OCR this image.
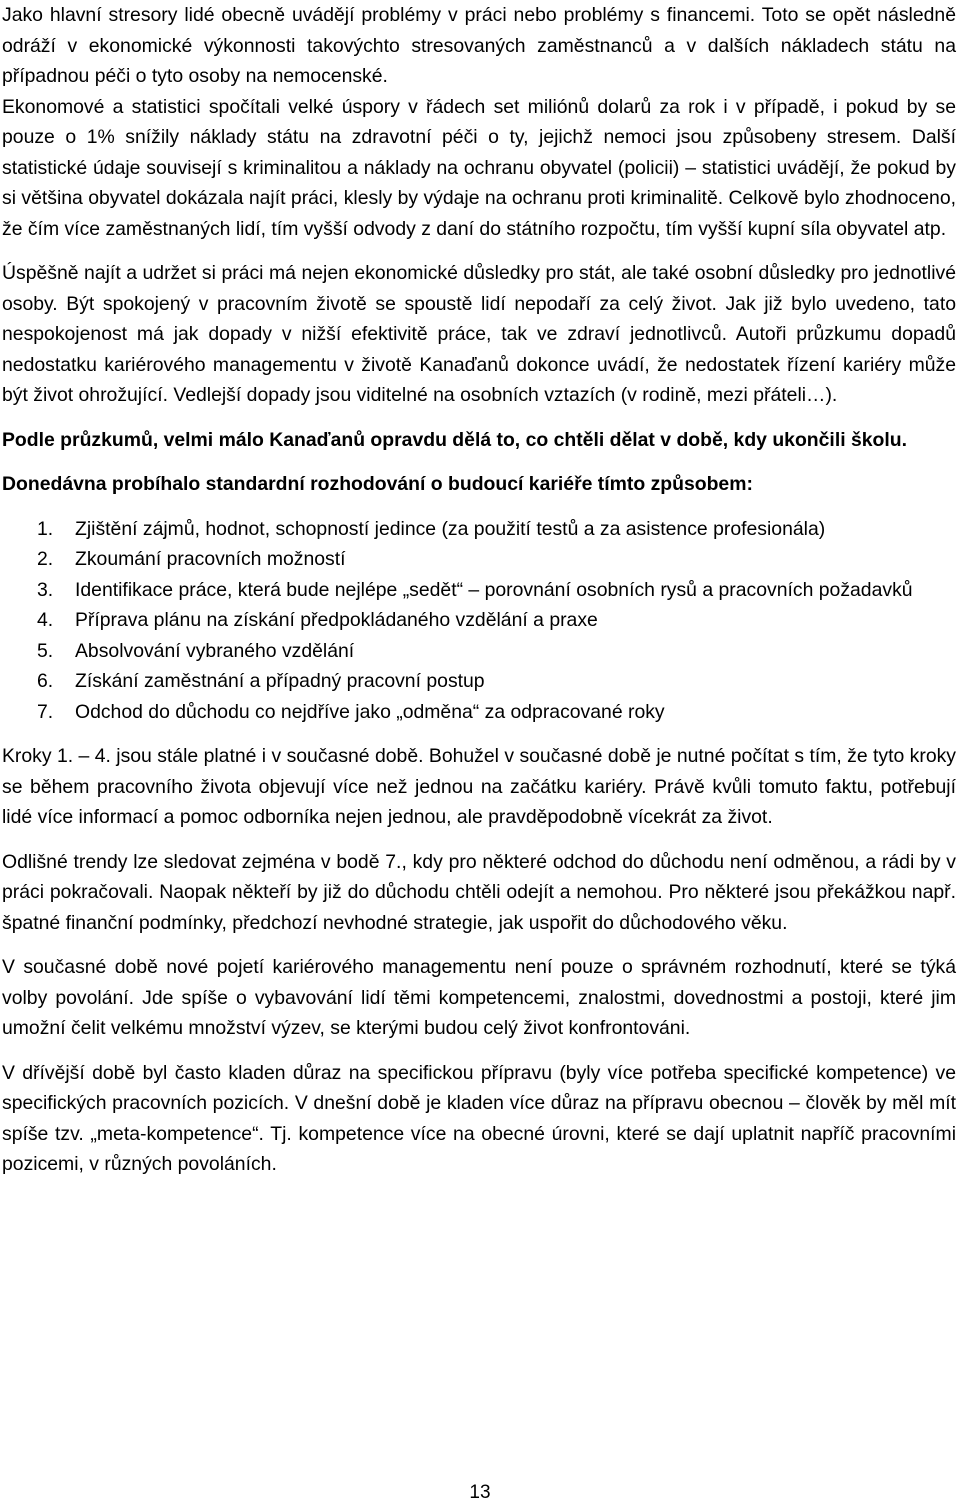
Jako hlavní stresory lidé obecně uvádějí problémy v práci nebo problémy s financemi. Toto se opět následně odráží v ekonomické výkonnosti takovýchto stresovaných zaměstnanců a v dalších nákladech státu na případnou péči o tyto osoby na nemocenské.

Ekonomové a statistici spočítali velké úspory v řádech set miliónů dolarů za rok i v případě, i pokud by se pouze o 1% snížily náklady státu na zdravotní péči o ty, jejichž nemoci jsou způsobeny stresem. Další statistické údaje souvisejí s kriminalitou a náklady na ochranu obyvatel (policii) – statistici uvádějí, že pokud by si většina obyvatel dokázala najít práci, klesly by výdaje na ochranu proti kriminalitě. Celkově bylo zhodnoceno, že čím více zaměstnaných lidí, tím vyšší odvody z daní do státního rozpočtu, tím vyšší kupní síla obyvatel atp.

Úspěšně najít a udržet si práci má nejen ekonomické důsledky pro stát, ale také osobní důsledky pro jednotlivé osoby. Být spokojený v pracovním životě se spoustě lidí nepodaří za celý život. Jak již bylo uvedeno, tato nespokojenost má jak dopady v nižší efektivitě práce, tak ve zdraví jednotlivců. Autoři průzkumu dopadů nedostatku kariérového managementu v životě Kanaďanů dokonce uvádí, že nedostatek řízení kariéry může být život ohrožující. Vedlejší dopady jsou viditelné na osobních vztazích (v rodině, mezi přáteli…).

Podle průzkumů, velmi málo Kanaďanů opravdu dělá to, co chtěli dělat v době, kdy ukončili školu.

Donedávna probíhalo standardní rozhodování o budoucí kariéře tímto způsobem:

1. Zjištění zájmů, hodnot, schopností jedince (za použití testů a za asistence profesionála)
2. Zkoumání pracovních možností
3. Identifikace práce, která bude nejlépe „sedět“ – porovnání osobních rysů a pracovních požadavků
4. Příprava plánu na získání předpokládaného vzdělání a praxe
5. Absolvování vybraného vzdělání
6. Získání zaměstnání a případný pracovní postup
7. Odchod do důchodu co nejdříve jako „odměna“ za odpracované roky

Kroky 1. – 4. jsou stále platné i v současné době. Bohužel v současné době je nutné počítat s tím, že tyto kroky se během pracovního života objevují více než jednou na začátku kariéry. Právě kvůli tomuto faktu, potřebují lidé více informací a pomoc odborníka nejen jednou, ale pravděpodobně vícekrát za život.

Odlišné trendy lze sledovat zejména v bodě 7., kdy pro některé odchod do důchodu není odměnou, a rádi by v práci pokračovali. Naopak někteří by již do důchodu chtěli odejít a nemohou. Pro některé jsou překážkou např. špatné finanční podmínky, předchozí nevhodné strategie, jak uspořit do důchodového věku.

V současné době nové pojetí kariérového managementu není pouze o správném rozhodnutí, které se týká volby povolání. Jde spíše o vybavování lidí těmi kompetencemi, znalostmi, dovednostmi a postoji, které jim umožní čelit velkému množství výzev, se kterými budou celý život konfrontováni.

V dřívější době byl často kladen důraz na specifickou přípravu (byly více potřeba specifické kompetence) ve specifických pracovních pozicích. V dnešní době je kladen více důraz na přípravu obecnou – člověk by měl mít spíše tzv. „meta-kompetence“. Tj. kompetence více na obecné úrovni, které se dají uplatnit napříč pracovními pozicemi, v různých povoláních.

13
